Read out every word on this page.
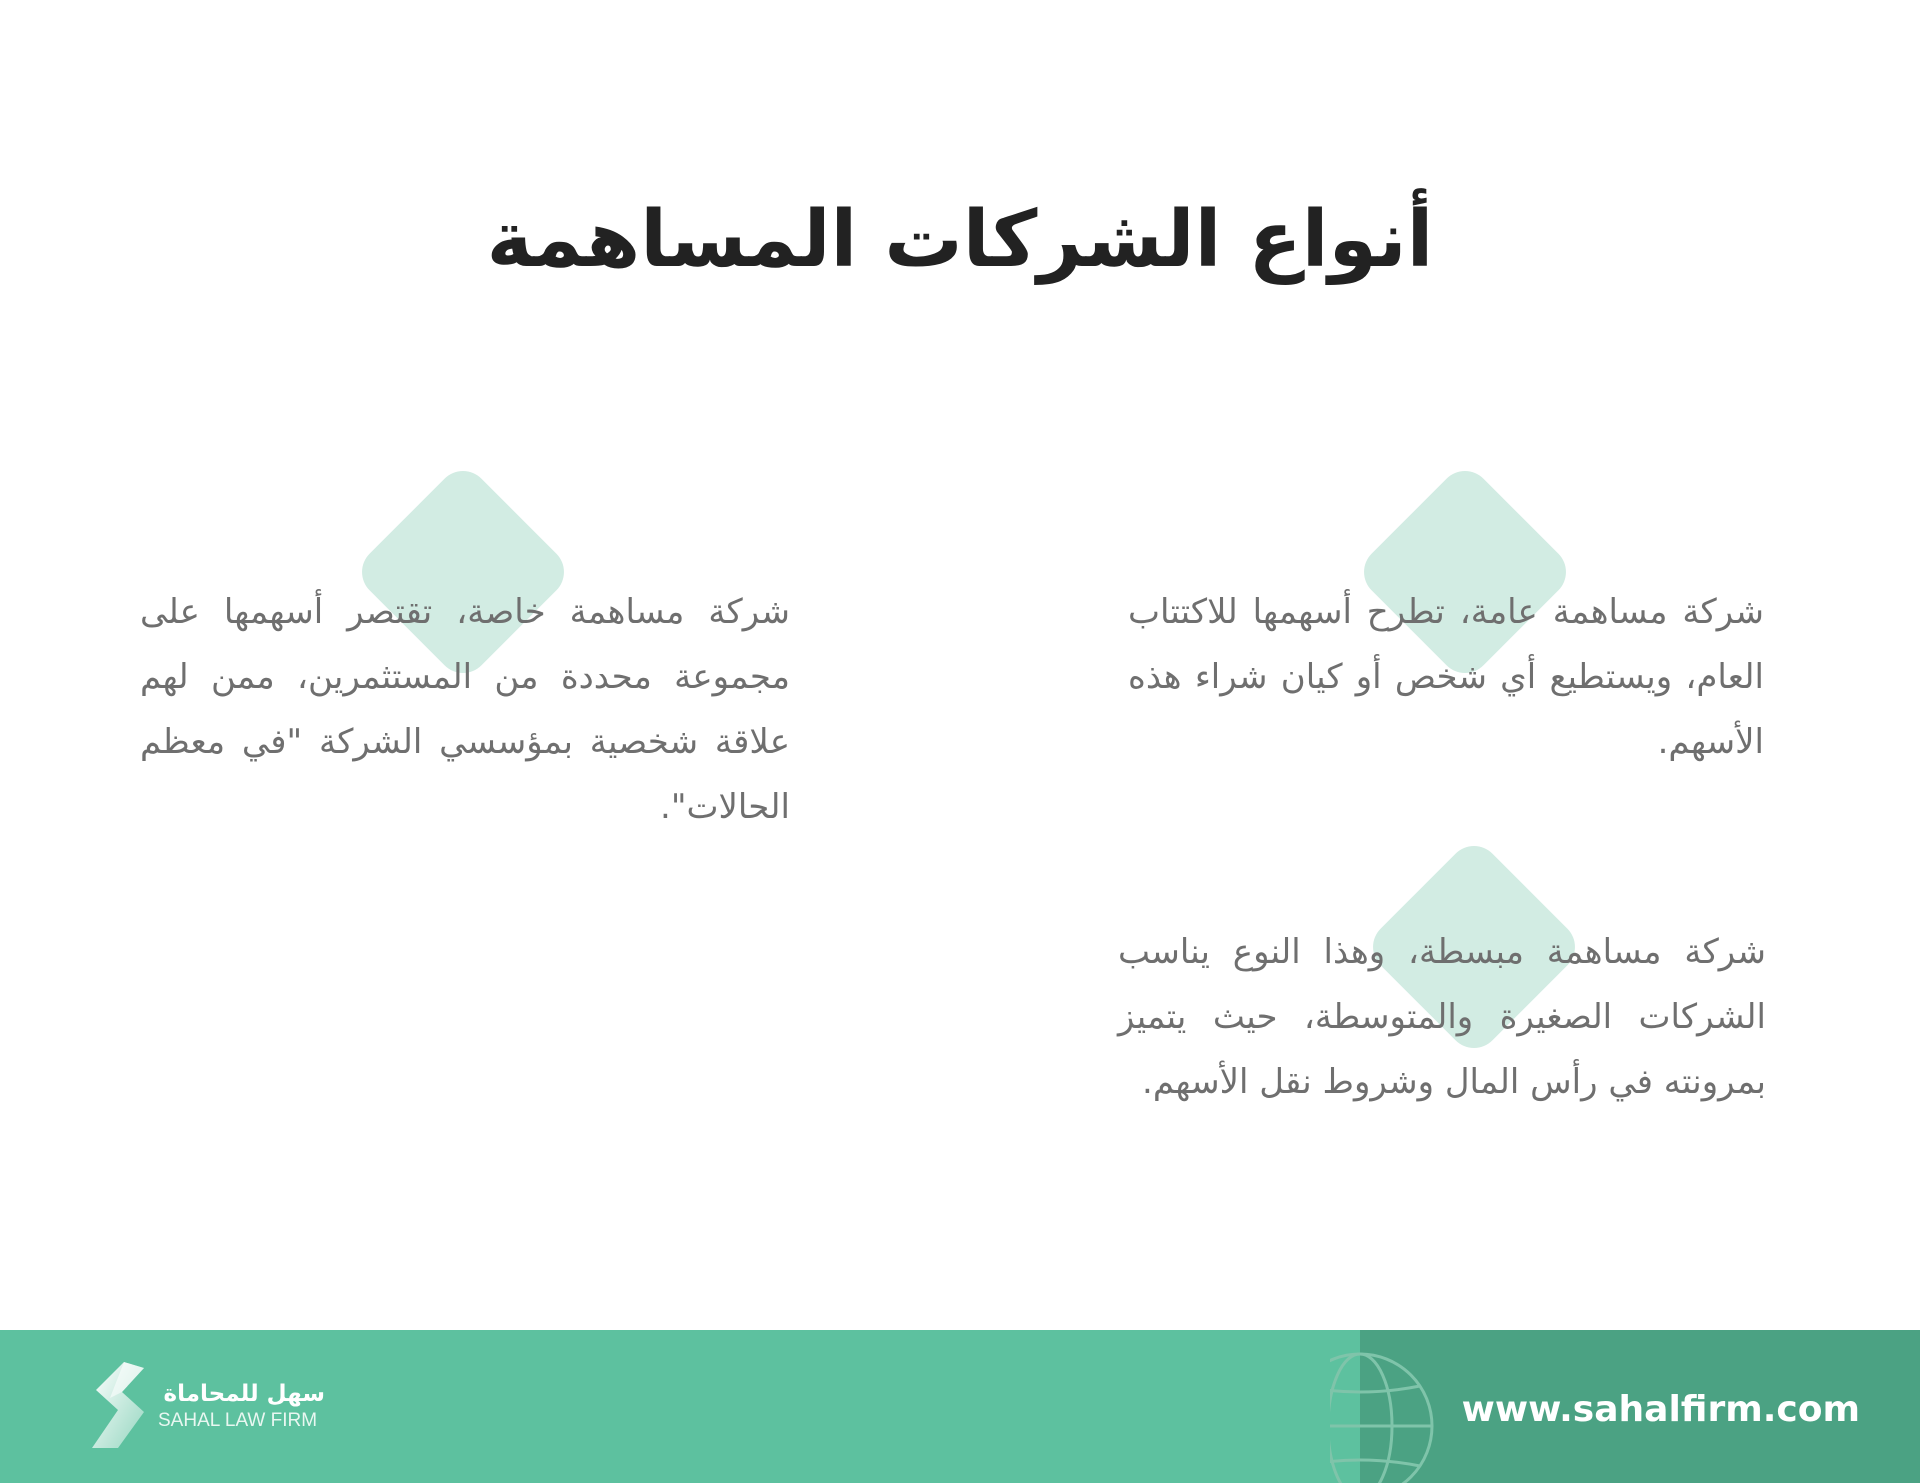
أنواع الشركات المساهمة

شركة مساهمة عامة، تطرح أسهمها للاكتتاب العام، ويستطيع أي شخص أو كيان شراء هذه الأسهم.

شركة مساهمة خاصة، تقتصر أسهمها على مجموعة محددة من المستثمرين، ممن لهم علاقة شخصية بمؤسسي الشركة "في معظم الحالات".

شركة مساهمة مبسطة، وهذا النوع يناسب الشركات الصغيرة والمتوسطة، حيث يتميز بمرونته في رأس المال وشروط نقل الأسهم.

www.sahalfirm.com
سهل للمحاماة
SAHAL LAW FIRM
